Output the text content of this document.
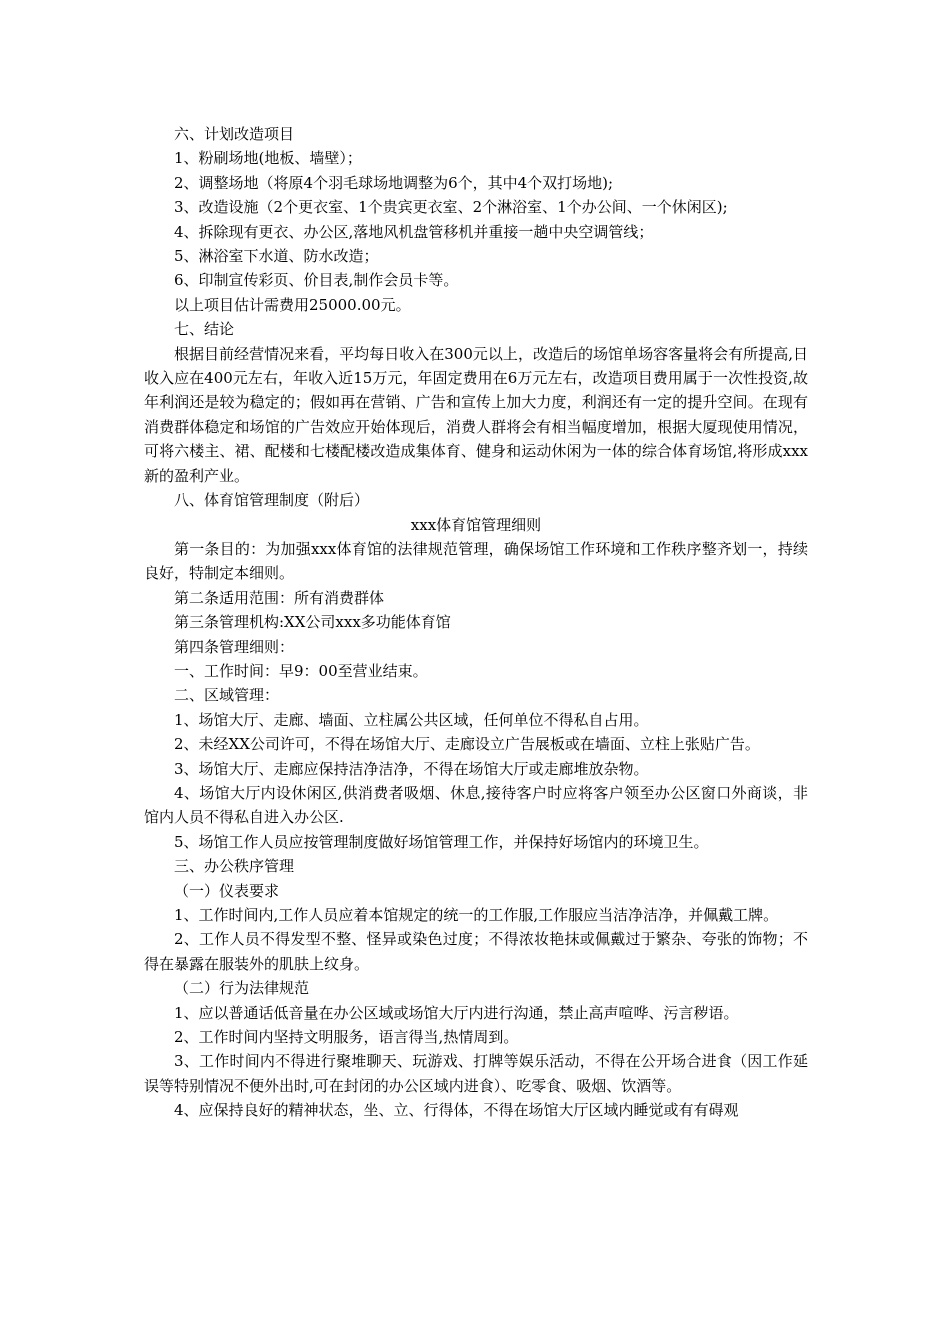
六、计划改造项目

1、粉刷场地(地板、墙壁）；

2、调整场地（将原4个羽毛球场地调整为6个，其中4个双打场地);

3、改造设施（2个更衣室、1个贵宾更衣室、2个淋浴室、1个办公间、一个休闲区);

4、拆除现有更衣、办公区,落地风机盘管移机并重接一趟中央空调管线；

5、淋浴室下水道、防水改造；

6、印制宣传彩页、价目表,制作会员卡等。

以上项目估计需费用25000.00元。

七、结论

根据目前经营情况来看，平均每日收入在300元以上，改造后的场馆单场容客量将会有所提高,日收入应在400元左右，年收入近15万元，年固定费用在6万元左右，改造项目费用属于一次性投资,故年利润还是较为稳定的；假如再在营销、广告和宣传上加大力度，利润还有一定的提升空间。在现有消费群体稳定和场馆的广告效应开始体现后，消费人群将会有相当幅度增加，根据大厦现使用情况，可将六楼主、裙、配楼和七楼配楼改造成集体育、健身和运动休闲为一体的综合体育场馆,将形成xxx新的盈利产业。

八、体育馆管理制度（附后）

xxx体育馆管理细则

第一条目的：为加强xxx体育馆的法律规范管理，确保场馆工作环境和工作秩序整齐划一，持续良好，特制定本细则。

第二条适用范围：所有消费群体

第三条管理机构:XX公司xxx多功能体育馆

第四条管理细则：

一、工作时间：早9：00至营业结束。

二、区域管理：

1、场馆大厅、走廊、墙面、立柱属公共区域，任何单位不得私自占用。

2、未经XX公司许可，不得在场馆大厅、走廊设立广告展板或在墙面、立柱上张贴广告。

3、场馆大厅、走廊应保持洁净洁净，不得在场馆大厅或走廊堆放杂物。

4、场馆大厅内设休闲区,供消费者吸烟、休息,接待客户时应将客户领至办公区窗口外商谈，非馆内人员不得私自进入办公区.

5、场馆工作人员应按管理制度做好场馆管理工作，并保持好场馆内的环境卫生。

三、办公秩序管理

（一）仪表要求

1、工作时间内,工作人员应着本馆规定的统一的工作服,工作服应当洁净洁净，并佩戴工牌。

2、工作人员不得发型不整、怪异或染色过度；不得浓妆艳抹或佩戴过于繁杂、夸张的饰物；不得在暴露在服装外的肌肤上纹身。

（二）行为法律规范

1、应以普通话低音量在办公区域或场馆大厅内进行沟通，禁止高声喧哗、污言秽语。

2、工作时间内坚持文明服务，语言得当,热情周到。

3、工作时间内不得进行聚堆聊天、玩游戏、打牌等娱乐活动，不得在公开场合进食（因工作延误等特别情况不便外出时,可在封闭的办公区域内进食）、吃零食、吸烟、饮酒等。

4、应保持良好的精神状态，坐、立、行得体，不得在场馆大厅区域内睡觉或有有碍观
